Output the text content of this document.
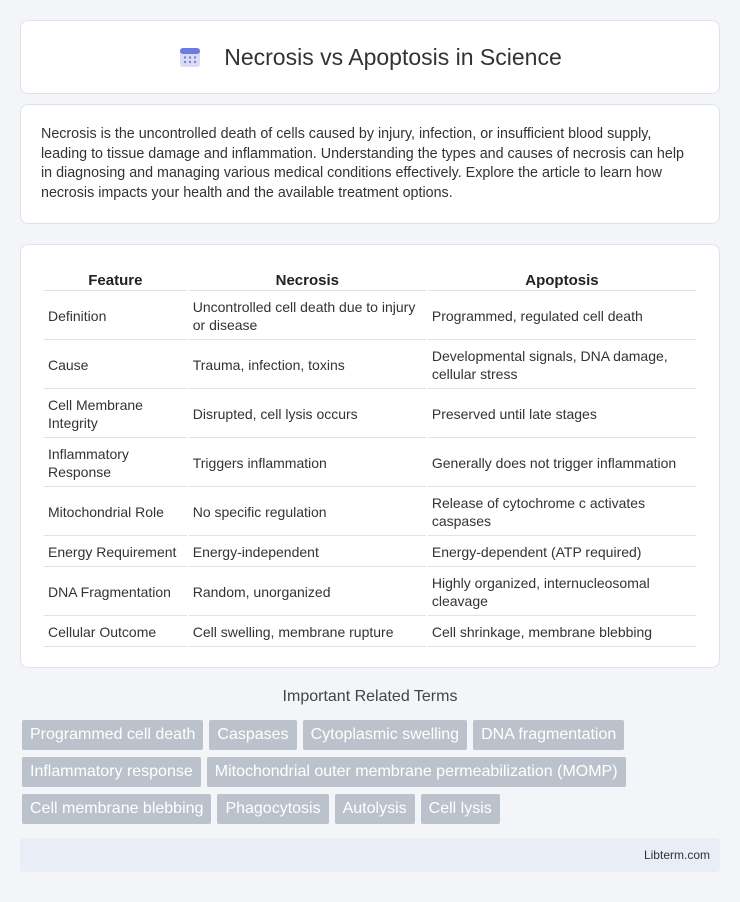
Necrosis vs Apoptosis in Science

Necrosis is the uncontrolled death of cells caused by injury, infection, or insufficient blood supply, leading to tissue damage and inflammation. Understanding the types and causes of necrosis can help in diagnosing and managing various medical conditions effectively. Explore the article to learn how necrosis impacts your health and the available treatment options.

Feature	Necrosis	Apoptosis
Definition	Uncontrolled cell death due to injury or disease	Programmed, regulated cell death
Cause	Trauma, infection, toxins	Developmental signals, DNA damage, cellular stress
Cell Membrane Integrity	Disrupted, cell lysis occurs	Preserved until late stages
Inflammatory Response	Triggers inflammation	Generally does not trigger inflammation
Mitochondrial Role	No specific regulation	Release of cytochrome c activates caspases
Energy Requirement	Energy-independent	Energy-dependent (ATP required)
DNA Fragmentation	Random, unorganized	Highly organized, internucleosomal cleavage
Cellular Outcome	Cell swelling, membrane rupture	Cell shrinkage, membrane blebbing
Important Related Terms
Programmed cell death	Caspases	Cytoplasmic swelling	DNA fragmentation
Inflammatory response	Mitochondrial outer membrane permeabilization (MOMP)
Cell membrane blebbing	Phagocytosis	Autolysis	Cell lysis
Libterm.com
